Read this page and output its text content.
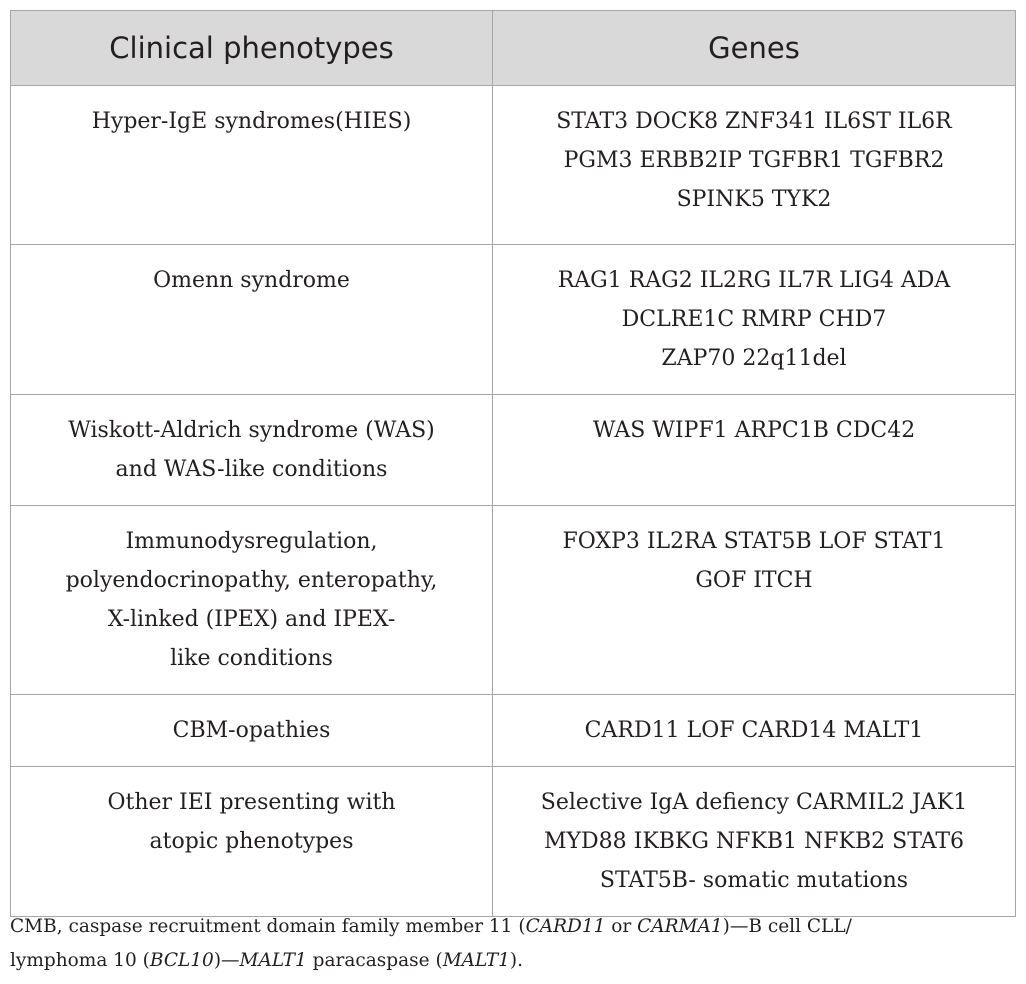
Clinical phenotypes	Genes

Hyper-IgE syndromes(HIES)	STAT3 DOCK8 ZNF341 IL6ST IL6R
PGM3 ERBB2IP TGFBR1 TGFBR2
SPINK5 TYK2

Omenn syndrome	RAG1 RAG2 IL2RG IL7R LIG4 ADA
DCLRE1C RMRP CHD7
ZAP70 22q11del

Wiskott-Aldrich syndrome (WAS)
and WAS-like conditions	WAS WIPF1 ARPC1B CDC42

Immunodysregulation,
polyendocrinopathy, enteropathy,
X-linked (IPEX) and IPEX-
like conditions	FOXP3 IL2RA STAT5B LOF STAT1
GOF ITCH

CBM-opathies	CARD11 LOF CARD14 MALT1

Other IEI presenting with
atopic phenotypes	Selective IgA defiency CARMIL2 JAK1
MYD88 IKBKG NFKB1 NFKB2 STAT6
STAT5B- somatic mutations
CMB, caspase recruitment domain family member 11 (CARD11 or CARMA1)—B cell CLL/
lymphoma 10 (BCL10)—MALT1 paracaspase (MALT1).
